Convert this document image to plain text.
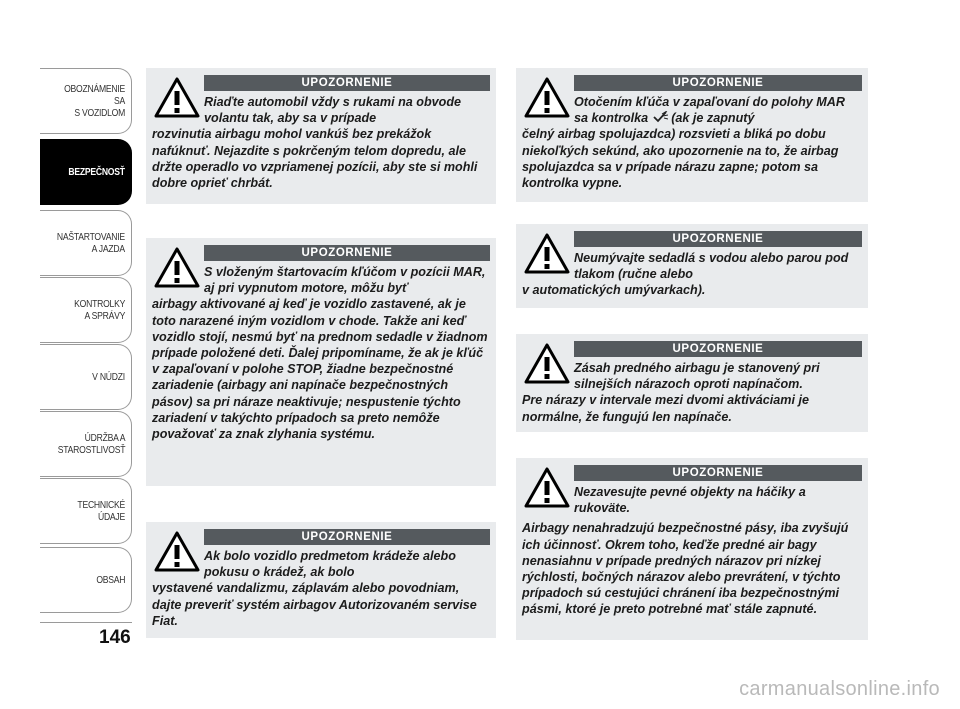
OBOZNÁMENIE SA
S VOZIDLOM
BEZPEČNOSŤ
NAŠTARTOVANIE
A JAZDA
KONTROLKY
A SPRÁVY
V NÚDZI
ÚDRŽBA A
STAROSTLIVOSŤ
TECHNICKÉ
ÚDAJE
OBSAH
146
UPOZORNENIE

Riaďte automobil vždy s rukami na obvode volantu tak, aby sa v prípade

rozvinutia airbagu mohol vankúš bez prekážok nafúknuť. Nejazdite s pokrčeným telom dopredu, ale držte operadlo vo vzpriamenej pozícii, aby ste si mohli dobre oprieť chrbát.

UPOZORNENIE

S vloženým štartovacím kľúčom v pozícii MAR, aj pri vypnutom motore, môžu byť

airbagy aktivované aj keď je vozidlo zastavené, ak je toto narazené iným vozidlom v chode. Takže ani keď vozidlo stojí, nesmú byť na prednom sedadle v žiadnom prípade položené deti. Ďalej pripomíname, že ak je kľúč v zapaľovaní v polohe STOP, žiadne bezpečnostné zariadenie (airbagy ani napínače bezpečnostných pásov) sa pri náraze neaktivuje; nespustenie týchto zariadení v takýchto prípadoch sa preto nemôže považovať za znak zlyhania systému.

UPOZORNENIE

Ak bolo vozidlo predmetom krádeže alebo pokusu o krádež, ak bolo

vystavené vandalizmu, záplavám alebo povodniam, dajte preveriť systém airbagov Autorizovaném servise Fiat.

UPOZORNENIE

Otočením kľúča v zapaľovaní do polohy MAR sa kontrolka (ak je zapnutý

čelný airbag spolujazdca) rozsvieti a bliká po dobu niekoľkých sekúnd, ako upozornenie na to, že airbag spolujazdca sa v prípade nárazu zapne; potom sa kontrolka vypne.

UPOZORNENIE

Neumývajte sedadlá s vodou alebo parou pod tlakom (ručne alebo

v automatických umývarkach).

UPOZORNENIE

Zásah predného airbagu je stanovený pri silnejších nárazoch oproti napínačom.

Pre nárazy v intervale mezi dvomi aktiváciami je normálne, že fungujú len napínače.

UPOZORNENIE

Nezavesujte pevné objekty na háčiky a rukoväte.

Airbagy nenahradzujú bezpečnostné pásy, iba zvyšujú ich účinnosť. Okrem toho, keďže predné air bagy nenasiahnu v prípade predných nárazov pri nízkej rýchlosti, bočných nárazov alebo prevrátení, v týchto prípadoch sú cestujúci chránení iba bezpečnostnými pásmi, ktoré je preto potrebné mať stále zapnuté.

carmanualsonline.info
